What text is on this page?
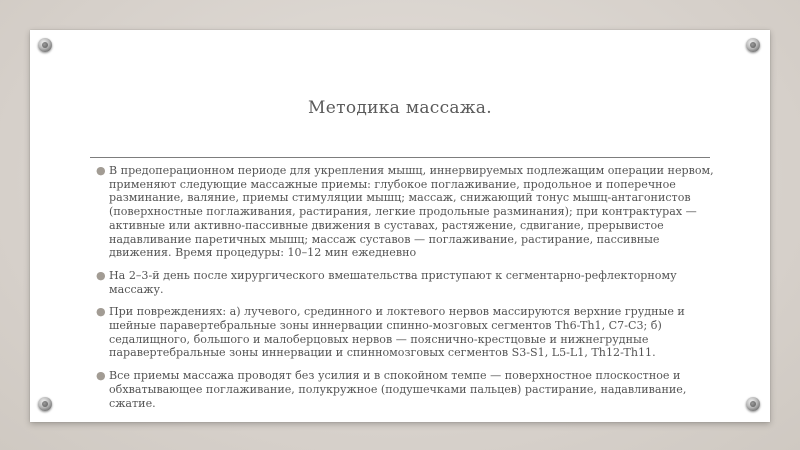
Методика массажа.
● В предоперационном периоде для укрепления мышц, иннервируемых подлежащим операции нервом, применяют следующие массажные приемы: глубокое поглаживание, продольное и поперечное разминание, валяние, приемы стимуляции мышц; массаж, снижающий тонус мышц-антагонистов (поверхностные поглаживания, растирания, легкие продольные разминания); при контрактурах — активные или активно-пассивные движения в суставах, растяжение, сдвигание, прерывистое надавливание паретичных мышц; массаж суставов — поглаживание, растирание, пассивные движения. Время процедуры: 10–12 мин ежедневно
● На 2–3-й день после хирургического вмешательства приступают к сегментарно-рефлекторному массажу.
● При повреждениях: а) лучевого, срединного и локтевого нервов массируются верхние грудные и шейные паравертебральные зоны иннервации спинно-мозговых сегментов Th6-Th1, С7-С3; б) седалищного, большого и малоберцовых нервов — пояснично-крестцовые и нижнегрудные паравертебральные зоны иннервации и спинномозговых сегментов S3-S1, L5-L1, Th12-Th11.
● Все приемы массажа проводят без усилия и в спокойном темпе — поверхностное плоскостное и обхватывающее поглаживание, полукружное (подушечками пальцев) растирание, надавливание, сжатие.
